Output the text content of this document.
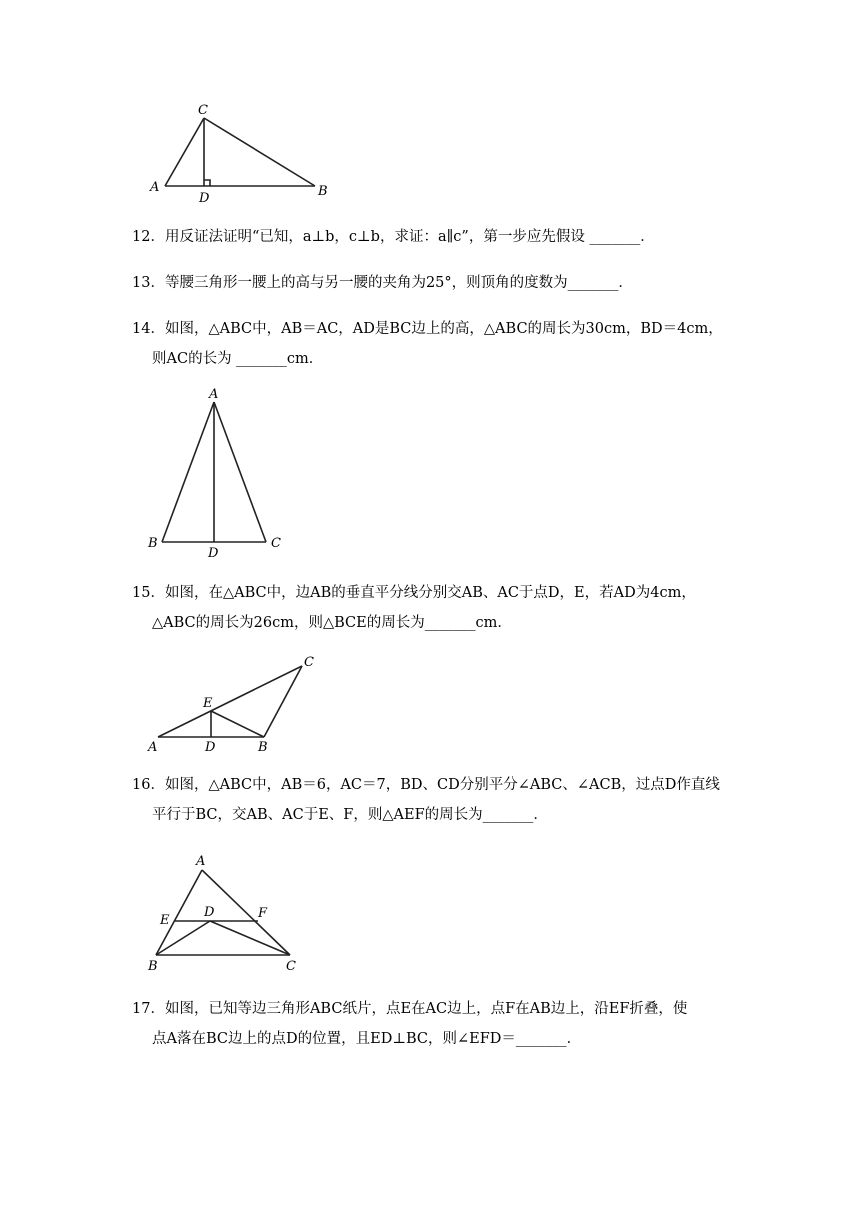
C
A
D	B
12．用反证法证明“已知，a⊥b，c⊥b，求证：a∥c”，第一步应先假设 _______．
13．等腰三角形一腰上的高与另一腰的夹角为25°，则顶角的度数为_______．
14．如图，△ABC中，AB＝AC，AD是BC边上的高，△ABC的周长为30cm，BD＝4cm，
则AC的长为 _______cm．
A
B
D
C
15．如图，在△ABC中，边AB的垂直平分线分别交AB、AC于点D，E，若AD为4cm，
△ABC的周长为26cm，则△BCE的周长为_______cm．
C
E
A	D	B
16．如图，△ABC中，AB＝6，AC＝7，BD、CD分别平分∠ABC、∠ACB，过点D作直线
平行于BC，交AB、AC于E、F，则△AEF的周长为_______．
A
E
D	F
B	C
17．如图，已知等边三角形ABC纸片，点E在AC边上，点F在AB边上，沿EF折叠，使
点A落在BC边上的点D的位置，且ED⊥BC，则∠EFD＝_______．
